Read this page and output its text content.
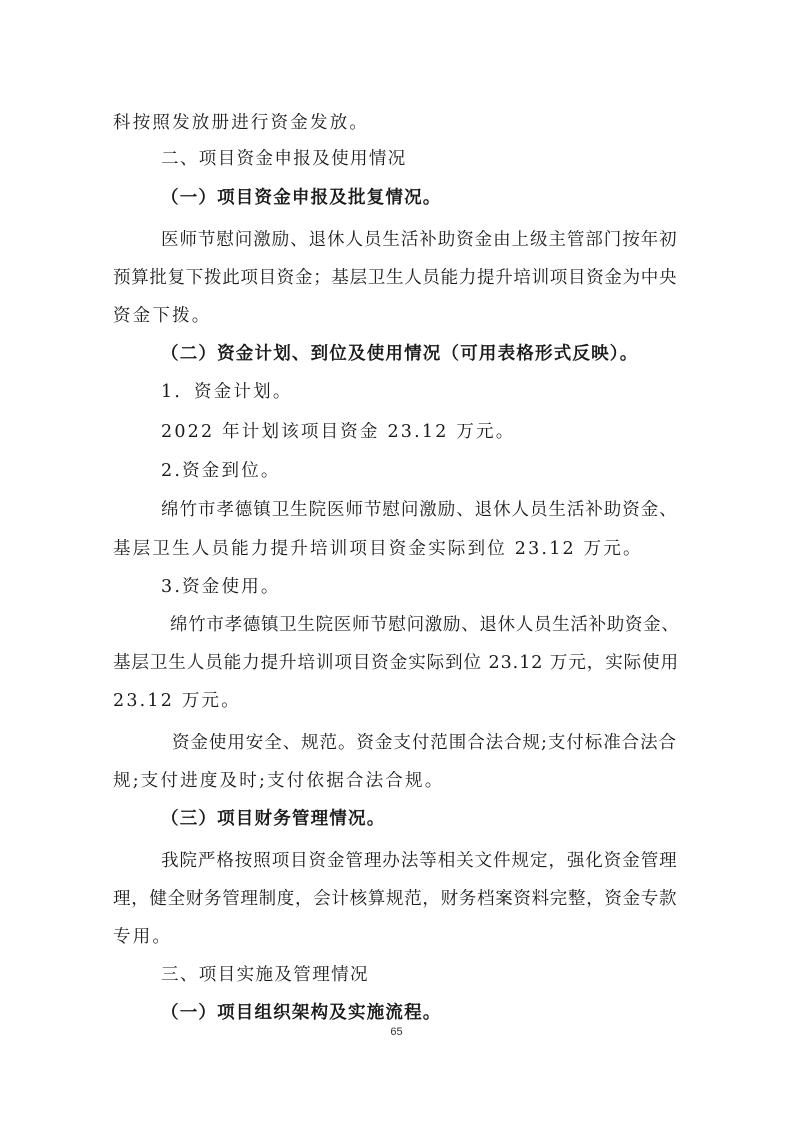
科按照发放册进行资金发放。
二、项目资金申报及使用情况
（一）项目资金申报及批复情况。
医师节慰问激励、退休人员生活补助资金由上级主管部门按年初
预算批复下拨此项目资金；基层卫生人员能力提升培训项目资金为中央
资金下拨。
（二）资金计划、到位及使用情况（可用表格形式反映）。
1．资金计划。
2022 年计划该项目资金 23.12 万元。
2.资金到位。
绵竹市孝德镇卫生院医师节慰问激励、退休人员生活补助资金、
基层卫生人员能力提升培训项目资金实际到位 23.12 万元。
3.资金使用。
绵竹市孝德镇卫生院医师节慰问激励、退休人员生活补助资金、
基层卫生人员能力提升培训项目资金实际到位 23.12 万元，实际使用
23.12 万元。
资金使用安全、规范。资金支付范围合法合规;支付标准合法合
规;支付进度及时;支付依据合法合规。
（三）项目财务管理情况。
我院严格按照项目资金管理办法等相关文件规定，强化资金管理
理，健全财务管理制度，会计核算规范，财务档案资料完整，资金专款
专用。
三、项目实施及管理情况
（一）项目组织架构及实施流程。
65
